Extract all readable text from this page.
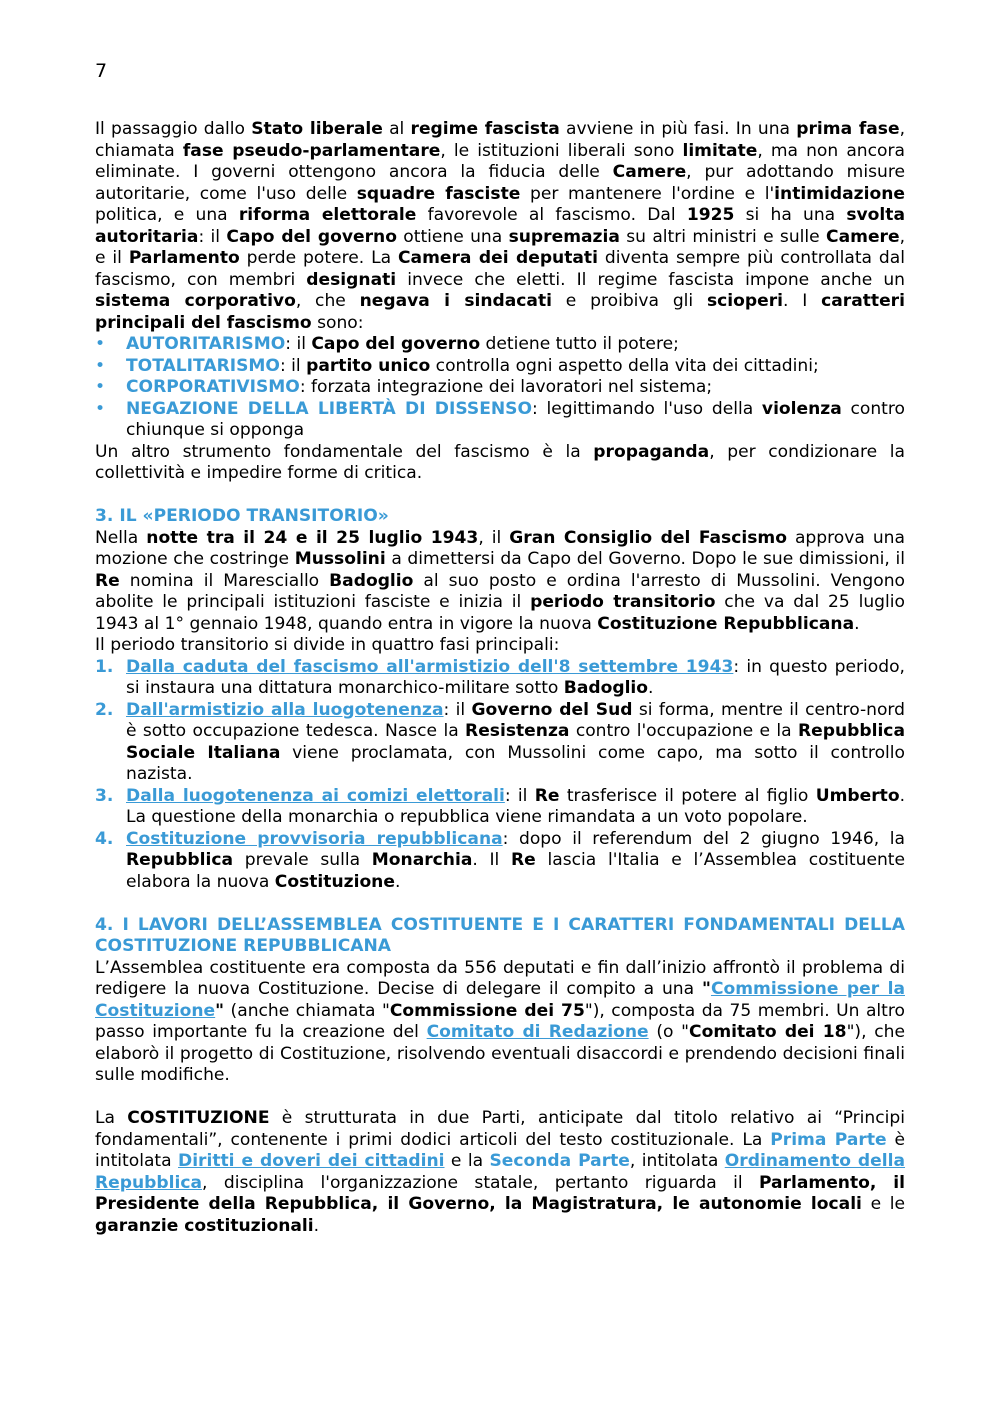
7

Il passaggio dallo Stato liberale al regime fascista avviene in più fasi. In una prima fase, chiamata fase pseudo-parlamentare, le istituzioni liberali sono limitate, ma non ancora eliminate. I governi ottengono ancora la fiducia delle Camere, pur adottando misure autoritarie, come l'uso delle squadre fasciste per mantenere l'ordine e l'intimidazione politica, e una riforma elettorale favorevole al fascismo. Dal 1925 si ha una svolta autoritaria: il Capo del governo ottiene una supremazia su altri ministri e sulle Camere, e il Parlamento perde potere. La Camera dei deputati diventa sempre più controllata dal fascismo, con membri designati invece che eletti. Il regime fascista impone anche un sistema corporativo, che negava i sindacati e proibiva gli scioperi. I caratteri principali del fascismo sono:

• AUTORITARISMO: il Capo del governo detiene tutto il potere;
• TOTALITARISMO: il partito unico controlla ogni aspetto della vita dei cittadini;
• CORPORATIVISMO: forzata integrazione dei lavoratori nel sistema;
• NEGAZIONE DELLA LIBERTÀ DI DISSENSO: legittimando l'uso della violenza contro chiunque si opponga

Un altro strumento fondamentale del fascismo è la propaganda, per condizionare la collettività e impedire forme di critica.

3. IL «PERIODO TRANSITORIO»

Nella notte tra il 24 e il 25 luglio 1943, il Gran Consiglio del Fascismo approva una mozione che costringe Mussolini a dimettersi da Capo del Governo. Dopo le sue dimissioni, il Re nomina il Maresciallo Badoglio al suo posto e ordina l'arresto di Mussolini. Vengono abolite le principali istituzioni fasciste e inizia il periodo transitorio che va dal 25 luglio 1943 al 1° gennaio 1948, quando entra in vigore la nuova Costituzione Repubblicana.

Il periodo transitorio si divide in quattro fasi principali:

1. Dalla caduta del fascismo all'armistizio dell'8 settembre 1943: in questo periodo, si instaura una dittatura monarchico-militare sotto Badoglio.
2. Dall'armistizio alla luogotenenza: il Governo del Sud si forma, mentre il centro-nord è sotto occupazione tedesca. Nasce la Resistenza contro l'occupazione e la Repubblica Sociale Italiana viene proclamata, con Mussolini come capo, ma sotto il controllo nazista.
3. Dalla luogotenenza ai comizi elettorali: il Re trasferisce il potere al figlio Umberto. La questione della monarchia o repubblica viene rimandata a un voto popolare.
4. Costituzione provvisoria repubblicana: dopo il referendum del 2 giugno 1946, la Repubblica prevale sulla Monarchia. Il Re lascia l'Italia e l’Assemblea costituente elabora la nuova Costituzione.

4. I LAVORI DELL’ASSEMBLEA COSTITUENTE E I CARATTERI FONDAMENTALI DELLA COSTITUZIONE REPUBBLICANA

L’Assemblea costituente era composta da 556 deputati e fin dall’inizio affrontò il problema di redigere la nuova Costituzione. Decise di delegare il compito a una "Commissione per la Costituzione" (anche chiamata "Commissione dei 75"), composta da 75 membri. Un altro passo importante fu la creazione del Comitato di Redazione (o "Comitato dei 18"), che elaborò il progetto di Costituzione, risolvendo eventuali disaccordi e prendendo decisioni finali sulle modifiche.

La COSTITUZIONE è strutturata in due Parti, anticipate dal titolo relativo ai “Principi fondamentali”, contenente i primi dodici articoli del testo costituzionale. La Prima Parte è intitolata Diritti e doveri dei cittadini e la Seconda Parte, intitolata Ordinamento della Repubblica, disciplina l'organizzazione statale, pertanto riguarda il Parlamento, il Presidente della Repubblica, il Governo, la Magistratura, le autonomie locali e le garanzie costituzionali.
